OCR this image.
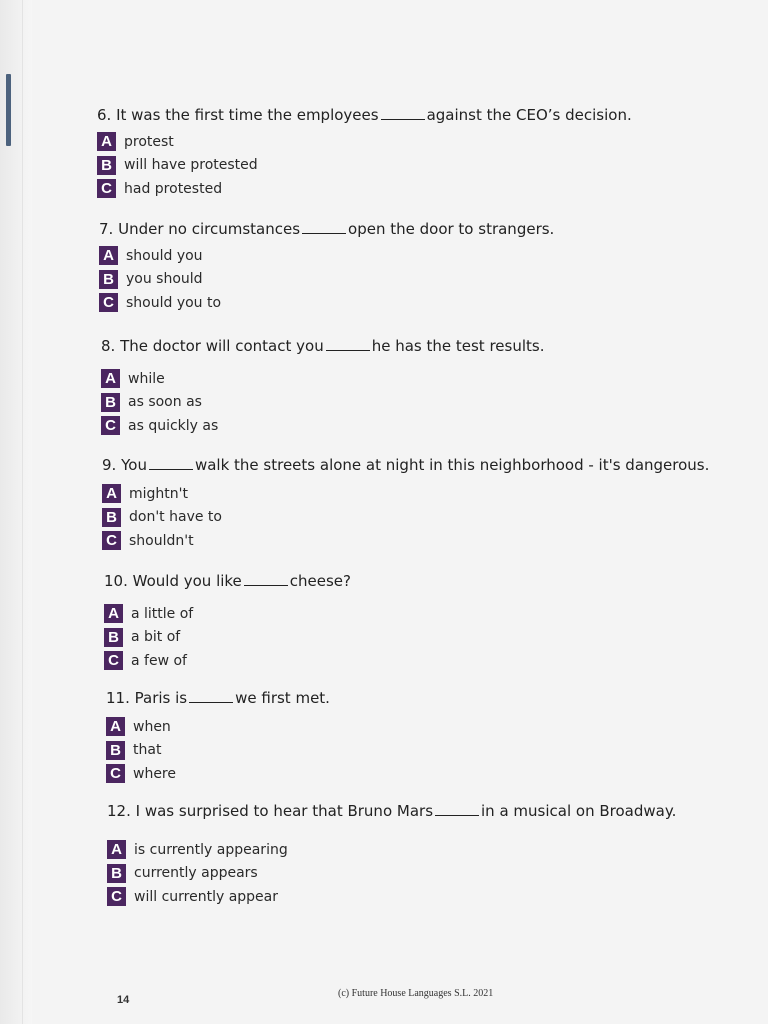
6. It was the first time the employees	against the CEO’s decision.

A protest
B will have protested
C had protested

7. Under no circumstances	open the door to strangers.

A should you
B you should
C should you to

8. The doctor will contact you	he has the test results.

A while
B as soon as
C as quickly as

9. You	walk the streets alone at night in this neighborhood - it's dangerous.

A mightn't
B don't have to
C shouldn't

10. Would you like	cheese?

A a little of
B a bit of
C a few of

11. Paris is	we first met.

A when
B that
C where

12. I was surprised to hear that Bruno Mars	in a musical on Broadway.

A is currently appearing
B currently appears
C will currently appear
14
(c) Future House Languages S.L. 2021
